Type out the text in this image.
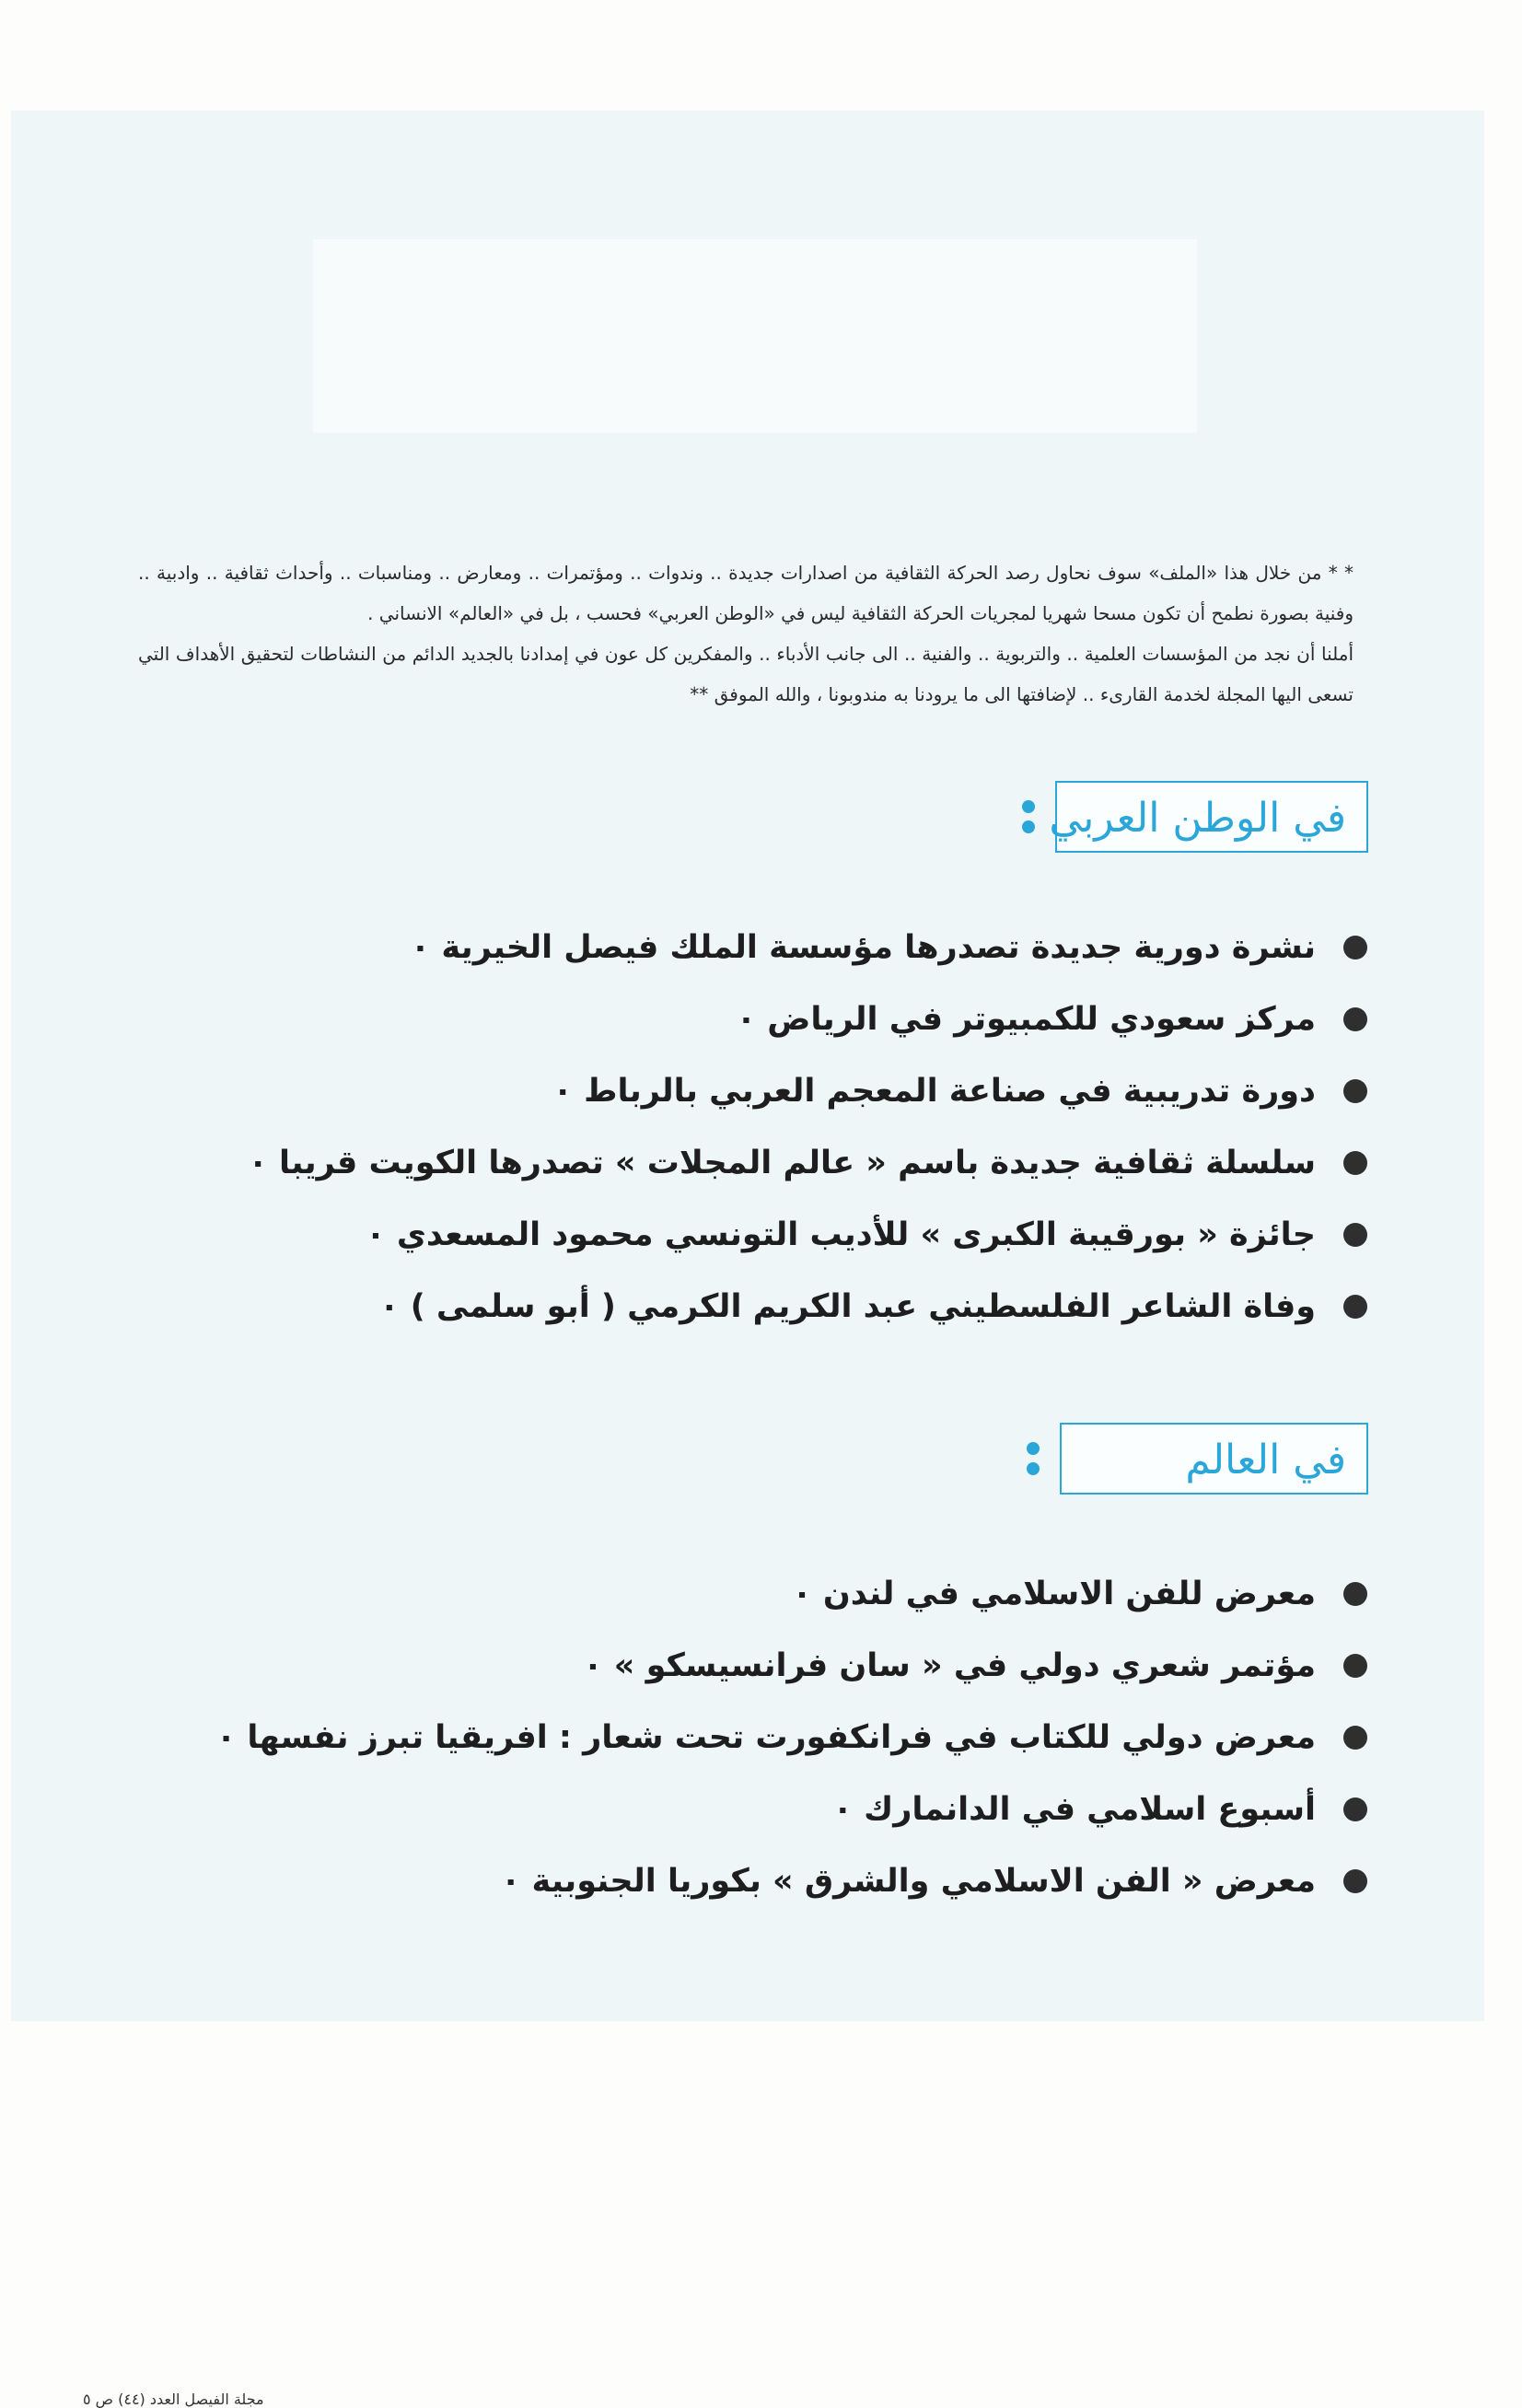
* * من خلال هذا «الملف» سوف نحاول رصد الحركة الثقافية من اصدارات جديدة .. وندوات .. ومؤتمرات .. ومعارض .. ومناسبات .. وأحداث ثقافية .. وادبية .. وفنية بصورة نطمح أن تكون مسحا شهريا لمجريات الحركة الثقافية ليس في «الوطن العربي» فحسب ، بل في «العالم» الانساني .

أملنا أن نجد من المؤسسات العلمية .. والتربوية .. والفنية .. الى جانب الأدباء .. والمفكرين كل عون في إمدادنا بالجديد الدائم من النشاطات لتحقيق الأهداف التي تسعى اليها المجلة لخدمة القارىء .. لإضافتها الى ما يرودنا به مندوبونا ، والله الموفق **

في الوطن العربي
نشرة دورية جديدة تصدرها مؤسسة الملك فيصل الخيرية ٠
مركز سعودي للكمبيوتر في الرياض ٠
دورة تدريبية في صناعة المعجم العربي بالرباط ٠
سلسلة ثقافية جديدة باسم « عالم المجلات » تصدرها الكويت قريبا ٠
جائزة « بورقيبة الكبرى » للأديب التونسي محمود المسعدي ٠
وفاة الشاعر الفلسطيني عبد الكريم الكرمي ( أبو سلمى ) ٠
في العالم
معرض للفن الاسلامي في لندن ٠
مؤتمر شعري دولي في « سان فرانسيسكو » ٠
معرض دولي للكتاب في فرانكفورت تحت شعار : افريقيا تبرز نفسها ٠
أسبوع اسلامي في الدانمارك ٠
معرض « الفن الاسلامي والشرق » بكوريا الجنوبية ٠
مجلة الفيصل العدد (٤٤) ص ٥
